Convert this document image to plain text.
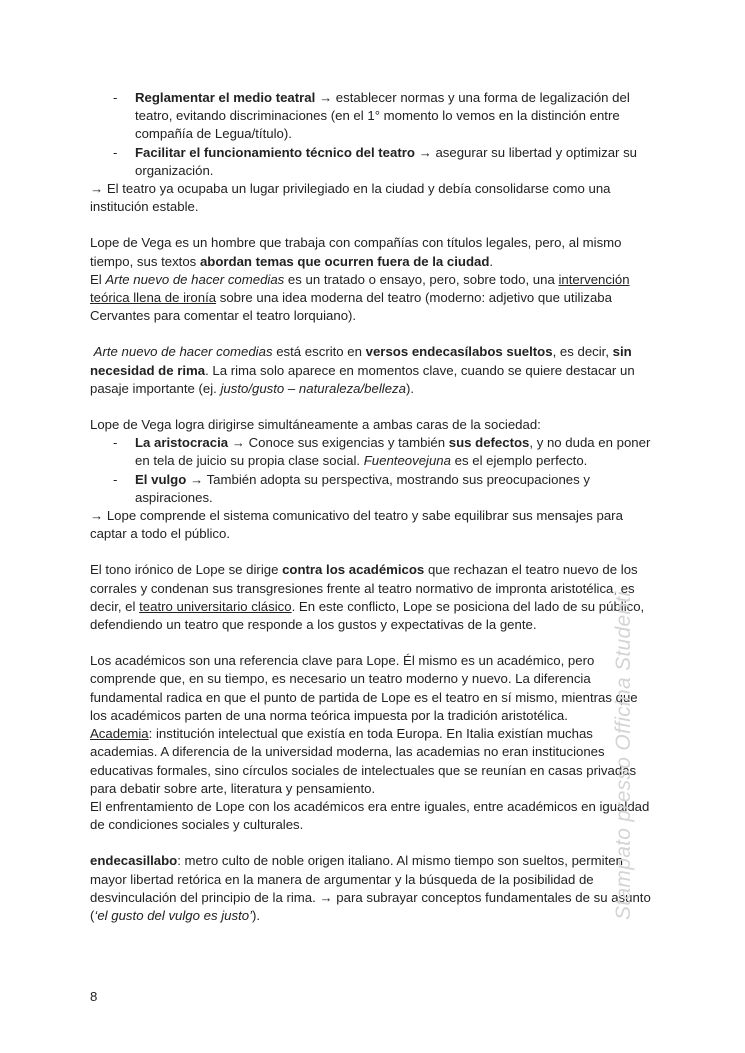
- Reglamentar el medio teatral → establecer normas y una forma de legalización del teatro, evitando discriminaciones (en el 1° momento lo vemos en la distinción entre compañía de Legua/título).

- Facilitar el funcionamiento técnico del teatro → asegurar su libertad y optimizar su organización.

→ El teatro ya ocupaba un lugar privilegiado en la ciudad y debía consolidarse como una institución estable.

Lope de Vega es un hombre que trabaja con compañías con títulos legales, pero, al mismo tiempo, sus textos abordan temas que ocurren fuera de la ciudad.
El Arte nuevo de hacer comedias es un tratado o ensayo, pero, sobre todo, una intervención teórica llena de ironía sobre una idea moderna del teatro (moderno: adjetivo que utilizaba Cervantes para comentar el teatro lorquiano).

Arte nuevo de hacer comedias está escrito en versos endecasílabos sueltos, es decir, sin necesidad de rima. La rima solo aparece en momentos clave, cuando se quiere destacar un pasaje importante (ej. justo/gusto – naturaleza/belleza).

Lope de Vega logra dirigirse simultáneamente a ambas caras de la sociedad:

- La aristocracia → Conoce sus exigencias y también sus defectos, y no duda en poner en tela de juicio su propia clase social. Fuenteovejuna es el ejemplo perfecto.

- El vulgo → También adopta su perspectiva, mostrando sus preocupaciones y aspiraciones.

→ Lope comprende el sistema comunicativo del teatro y sabe equilibrar sus mensajes para captar a todo el público.

El tono irónico de Lope se dirige contra los académicos que rechazan el teatro nuevo de los corrales y condenan sus transgresiones frente al teatro normativo de impronta aristotélica, es decir, el teatro universitario clásico. En este conflicto, Lope se posiciona del lado de su público, defendiendo un teatro que responde a los gustos y expectativas de la gente.

Los académicos son una referencia clave para Lope. Él mismo es un académico, pero comprende que, en su tiempo, es necesario un teatro moderno y nuevo. La diferencia fundamental radica en que el punto de partida de Lope es el teatro en sí mismo, mientras que los académicos parten de una norma teórica impuesta por la tradición aristotélica.
Academia: institución intelectual que existía en toda Europa. En Italia existían muchas academias. A diferencia de la universidad moderna, las academias no eran instituciones educativas formales, sino círculos sociales de intelectuales que se reunían en casas privadas para debatir sobre arte, literatura y pensamiento.
El enfrentamiento de Lope con los académicos era entre iguales, entre académicos en igualdad de condiciones sociales y culturales.

endecasillabo: metro culto de noble origen italiano. Al mismo tiempo son sueltos, permiten mayor libertad retórica en la manera de argumentar y la búsqueda de la posibilidad de desvinculación del principio de la rima. → para subrayar conceptos fundamentales de su asunto (‘el gusto del vulgo es justo’).

8
Stampato presso Officina Studenti
